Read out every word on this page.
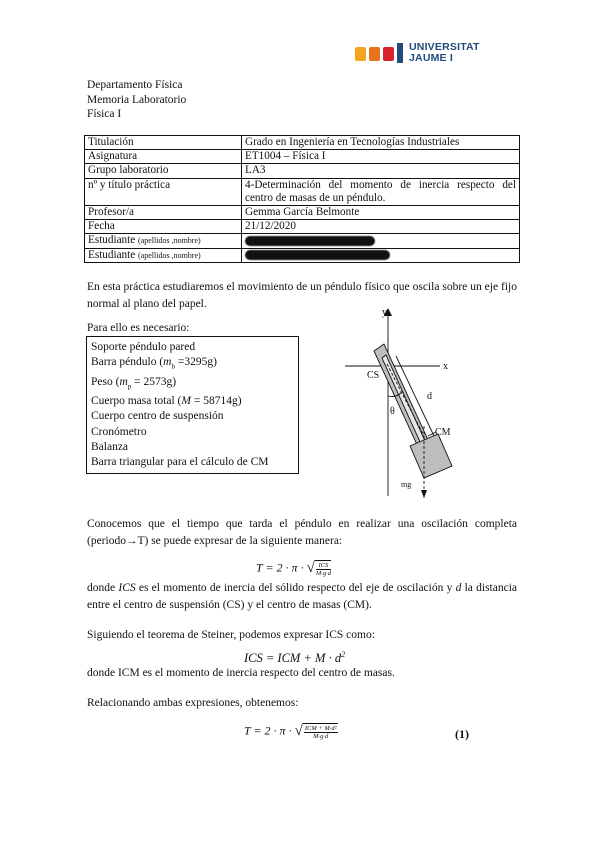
UNIVERSITAT
JAUME I
Departamento Física
Memoria Laboratorio
Física I
Titulación	Grado en Ingeniería en Tecnologías Industriales
Asignatura	ET1004 – Física I
Grupo laboratorio	LA3
nº y título práctica	4-Determinación del momento de inercia respecto del centro de masas de un péndulo.
Profesor/a	Gemma García Belmonte
Fecha	21/12/2020
Estudiante (apellidos ,nombre)	
Estudiante (apellidos ,nombre)	
En esta práctica estudiaremos el movimiento de un péndulo físico que oscila sobre un eje fijo normal al plano del papel.
Para ello es necesario:
Soporte péndulo pared
Barra péndulo $(m_b =3295g)$
Peso $(m_p = 2573g)$
Cuerpo masa total (M = 58714g)
Cuerpo centro de suspensión
Cronómetro
Balanza
Barra triangular para el cálculo de CM
y
x
CS
d
CM
θ
mg
Conocemos que el tiempo que tarda el péndulo en realizar una oscilación completa (periodo→T) se puede expresar de la siguiente manera:
T = 2 · π · √ $\frac{\text{ICS}}{M\cdot g\cdot d}$
donde ICS es el momento de inercia del sólido respecto del eje de oscilación y d la distancia entre el centro de suspensión (CS) y el centro de masas (CM).
Siguiendo el teorema de Steiner, podemos expresar ICS como:
ICS = ICM + $M \cdot d^2$
donde ICM es el momento de inercia respecto del centro de masas.
Relacionando ambas expresiones, obtenemos:
T = 2 · π · √ $\frac{\text{ICM + M·d²}}{M\cdot g\cdot d}$	(1)
